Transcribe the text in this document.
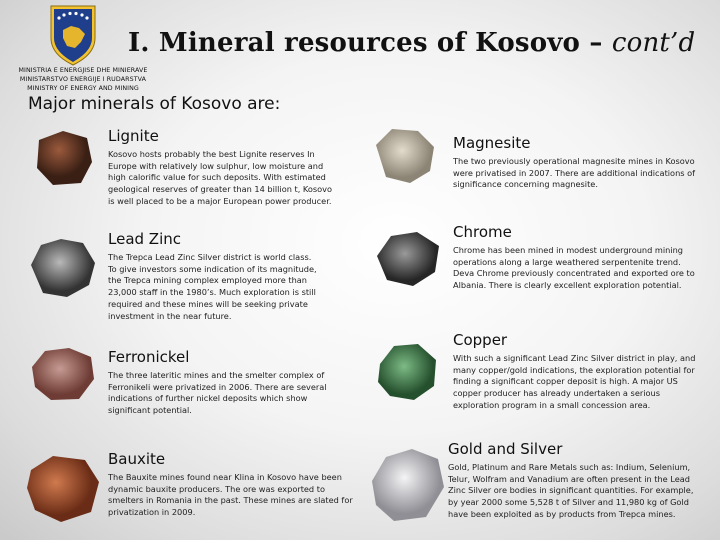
MINISTRIA E ENERGJISE DHE MINIERAVE
MINISTARSTVO ENERGIJE I RUDARSTVA
MINISTRY OF ENERGY AND MINING
I. Mineral resources of Kosovo – cont’d
Major minerals of Kosovo are:
Lignite
Kosovo hosts probably the best Lignite reserves In Europe with relatively low sulphur, low moisture and high calorific value for such deposits. With estimated geological reserves of greater than 14 billion t, Kosovo is well placed to be a major European power producer.
Lead Zinc
The Trepca Lead Zinc Silver district is world class. To give investors some indication of its magnitude, the Trepca mining complex employed more than 23,000 staff in the 1980’s. Much exploration is still required and these mines will be seeking private investment in the near future.
Ferronickel
The three lateritic mines and the smelter complex of Ferronikeli were privatized in 2006. There are several indications of further nickel deposits which show significant potential.
Bauxite
The Bauxite mines found near Klina in Kosovo have been dynamic bauxite producers. The ore was exported to smelters in Romania in the past. These mines are slated for privatization in 2009.
Magnesite
The two previously operational magnesite mines in Kosovo were privatised in 2007. There are additional indications of significance concerning magnesite.
Chrome
Chrome has been mined in modest underground mining operations along a large weathered serpentenite trend. Deva Chrome previously concentrated and exported ore to Albania. There is clearly excellent exploration potential.
Copper
With such a significant Lead Zinc Silver district in play, and many copper/gold indications, the exploration potential for finding a significant copper deposit is high. A major US copper producer has already undertaken a serious exploration program in a small concession area.
Gold and Silver
Gold, Platinum and Rare Metals such as: Indium, Selenium, Telur, Wolfram and Vanadium are often present in the Lead Zinc Silver ore bodies in significant quantities. For example, by year 2000 some 5,528 t of Silver and 11,980 kg of Gold have been exploited as by products from Trepca mines.
